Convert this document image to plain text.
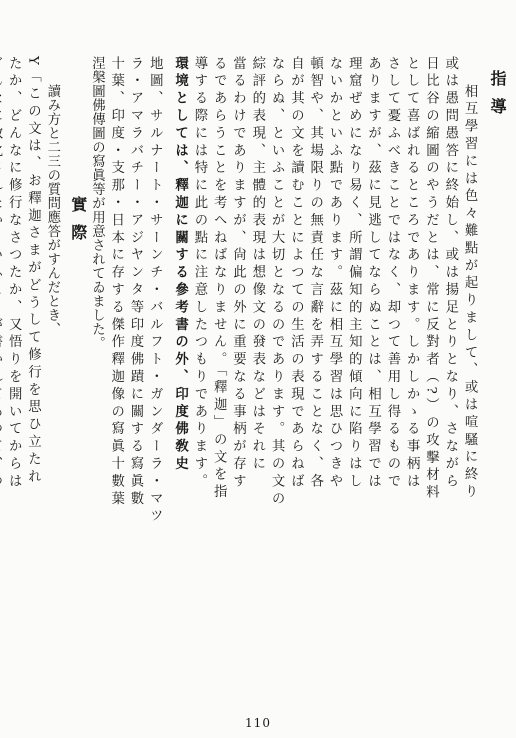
110
指導
相互學習には色々難點が起りまして、或は喧騷に終り
或は愚問愚答に終始し、或は揚足とりとなり、さながら
日比谷の縮圖のやうだとは、常に反對者（?）の攻擊材料
として喜ばれるところであります。しかしかゝる事柄は
さして憂ふべきことではなく、却つて善用し得るもので
ありますが、茲に見逃してならぬことは、相互學習では
理窟ぜめになり易く、所謂偏知的主知的傾向に陷りはし
ないかといふ點であります。茲に相互學習は思ひつきや
頓智や、其場限りの無責任な言辭を弄することなく、各
自が其の文を讀むことによつての生活の表現であらねば
ならぬ、といふことが大切となるのであります。其の文の
綜評的表現、主體的表現は想像文の發表などはそれに
當るわけでありますが、尙此の外に重要なる事柄が存す
るであらうことを考へねばなりません。「釋迦」の文を指
導する際には特に此の點に注意したつもりであります。
環境としては、釋迦に關する參考書の外、印度佛敎史
地圖、サルナート・サーンチ・バルフト・ガンダーラ・マツ
ラ・アマラバチー・アジヤンタ等印度佛蹟に關する寫眞數
十葉、印度・支那・日本に存する傑作釋迦像の寫眞十數葉
涅槃圖佛傳圖の寫眞等が用意されてゐました。
實際
讀み方と二三の質問應答がすんだとき、
Y「この文は、お釋迦さまがどうして修行を思ひ立たれ
たか、どんなに修行なさつたか、又悟りを開いてからは
